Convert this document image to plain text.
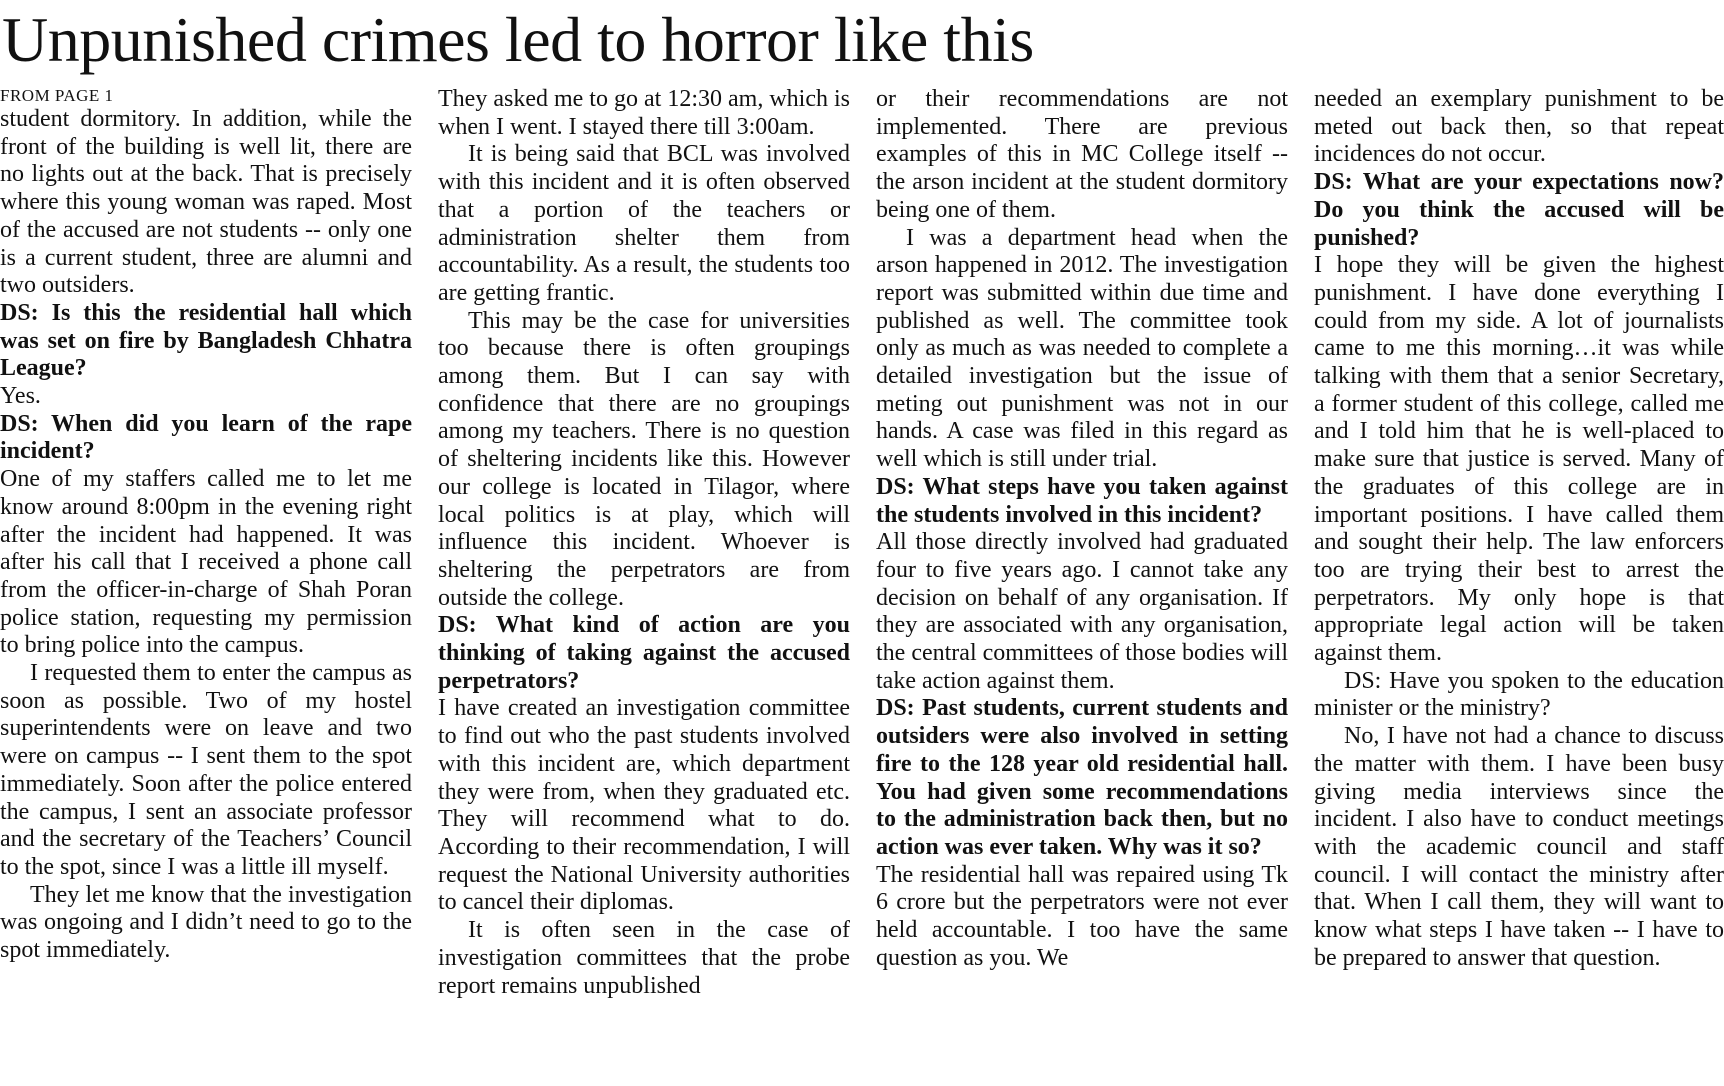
Unpunished crimes led to horror like this
FROM PAGE 1

student dormitory. In addition, while the front of the building is well lit, there are no lights out at the back. That is precisely where this young woman was raped. Most of the accused are not students -- only one is a current student, three are alumni and two outsiders.

DS: Is this the residential hall which was set on fire by Bangladesh Chhatra League?

Yes.

DS: When did you learn of the rape incident?

One of my staffers called me to let me know around 8:00pm in the evening right after the incident had happened. It was after his call that I received a phone call from the officer-in-charge of Shah Poran police station, requesting my permission to bring police into the campus.

I requested them to enter the campus as soon as possible. Two of my hostel superintendents were on leave and two were on campus -- I sent them to the spot immediately. Soon after the police entered the campus, I sent an associate professor and the secretary of the Teachers’ Council to the spot, since I was a little ill myself.

They let me know that the investigation was ongoing and I didn’t need to go to the spot immediately.

They asked me to go at 12:30 am, which is when I went. I stayed there till 3:00am.

It is being said that BCL was involved with this incident and it is often observed that a portion of the teachers or administration shelter them from accountability. As a result, the students too are getting frantic.

This may be the case for universities too because there is often groupings among them. But I can say with confidence that there are no groupings among my teachers. There is no question of sheltering incidents like this. However our college is located in Tilagor, where local politics is at play, which will influence this incident. Whoever is sheltering the perpetrators are from outside the college.

DS: What kind of action are you thinking of taking against the accused perpetrators?

I have created an investigation committee to find out who the past students involved with this incident are, which department they were from, when they graduated etc. They will recommend what to do. According to their recommendation, I will request the National University authorities to cancel their diplomas.

It is often seen in the case of investigation committees that the probe report remains unpublished

or their recommendations are not implemented. There are previous examples of this in MC College itself -- the arson incident at the student dormitory being one of them.

I was a department head when the arson happened in 2012. The investigation report was submitted within due time and published as well. The committee took only as much as was needed to complete a detailed investigation but the issue of meting out punishment was not in our hands. A case was filed in this regard as well which is still under trial.

DS: What steps have you taken against the students involved in this incident?

All those directly involved had graduated four to five years ago. I cannot take any decision on behalf of any organisation. If they are associated with any organisation, the central committees of those bodies will take action against them.

DS: Past students, current students and outsiders were also involved in setting fire to the 128 year old residential hall. You had given some recommendations to the administration back then, but no action was ever taken. Why was it so?

The residential hall was repaired using Tk 6 crore but the perpetrators were not ever held accountable. I too have the same question as you. We

needed an exemplary punishment to be meted out back then, so that repeat incidences do not occur.

DS: What are your expectations now? Do you think the accused will be punished?

I hope they will be given the highest punishment. I have done everything I could from my side. A lot of journalists came to me this morning…it was while talking with them that a senior Secretary, a former student of this college, called me and I told him that he is well-placed to make sure that justice is served. Many of the graduates of this college are in important positions. I have called them and sought their help. The law enforcers too are trying their best to arrest the perpetrators. My only hope is that appropriate legal action will be taken against them.

DS: Have you spoken to the education minister or the ministry?

No, I have not had a chance to discuss the matter with them. I have been busy giving media interviews since the incident. I also have to conduct meetings with the academic council and staff council. I will contact the ministry after that. When I call them, they will want to know what steps I have taken -- I have to be prepared to answer that question.
